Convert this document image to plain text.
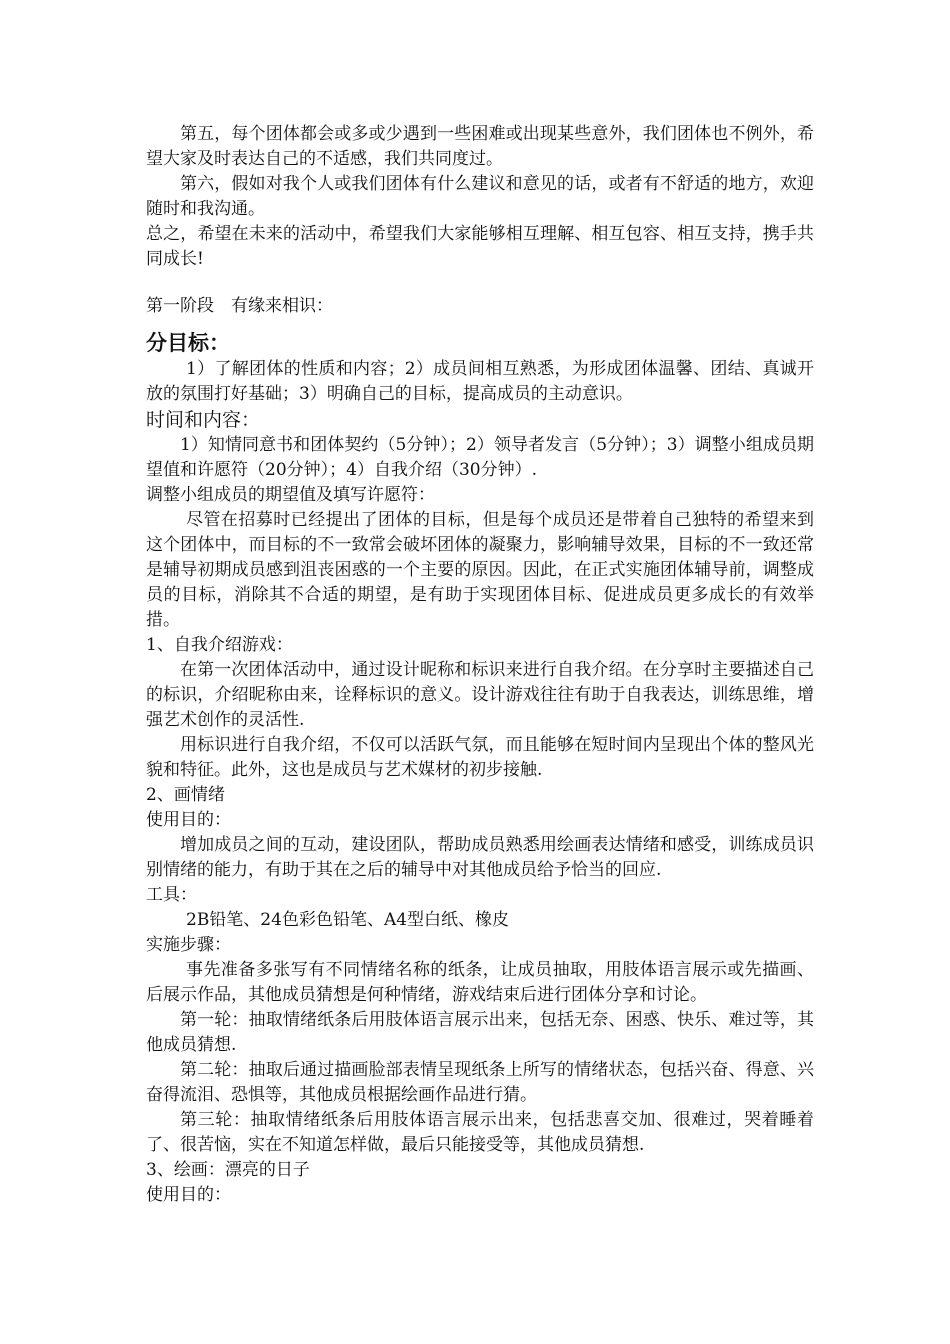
第五，每个团体都会或多或少遇到一些困难或出现某些意外，我们团体也不例外，希望大家及时表达自己的不适感，我们共同度过。

第六，假如对我个人或我们团体有什么建议和意见的话，或者有不舒适的地方，欢迎随时和我沟通。

总之，希望在未来的活动中，希望我们大家能够相互理解、相互包容、相互支持，携手共同成长!

第一阶段　有缘来相识：

分目标：

1）了解团体的性质和内容；2）成员间相互熟悉，为形成团体温馨、团结、真诚开放的氛围打好基础；3）明确自己的目标，提高成员的主动意识。

时间和内容：

1）知情同意书和团体契约（5分钟）；2）领导者发言（5分钟）；3）调整小组成员期望值和许愿符（20分钟）；4）自我介绍（30分钟）.

调整小组成员的期望值及填写许愿符：

尽管在招募时已经提出了团体的目标，但是每个成员还是带着自己独特的希望来到这个团体中，而目标的不一致常会破坏团体的凝聚力，影响辅导效果，目标的不一致还常是辅导初期成员感到沮丧困惑的一个主要的原因。因此，在正式实施团体辅导前，调整成员的目标，消除其不合适的期望，是有助于实现团体目标、促进成员更多成长的有效举措。

1、自我介绍游戏：

在第一次团体活动中，通过设计昵称和标识来进行自我介绍。在分享时主要描述自己的标识，介绍昵称由来，诠释标识的意义。设计游戏往往有助于自我表达，训练思维，增强艺术创作的灵活性.

用标识进行自我介绍，不仅可以活跃气氛，而且能够在短时间内呈现出个体的整风光貌和特征。此外，这也是成员与艺术媒材的初步接触.

2、画情绪

使用目的：

增加成员之间的互动，建设团队，帮助成员熟悉用绘画表达情绪和感受，训练成员识别情绪的能力，有助于其在之后的辅导中对其他成员给予恰当的回应.

工具：

2B铅笔、24色彩色铅笔、A4型白纸、橡皮

实施步骤：

事先准备多张写有不同情绪名称的纸条，让成员抽取，用肢体语言展示或先描画、后展示作品，其他成员猜想是何种情绪，游戏结束后进行团体分享和讨论。

第一轮：抽取情绪纸条后用肢体语言展示出来，包括无奈、困惑、快乐、难过等，其他成员猜想.

第二轮：抽取后通过描画脸部表情呈现纸条上所写的情绪状态，包括兴奋、得意、兴奋得流泪、恐惧等，其他成员根据绘画作品进行猜。

第三轮：抽取情绪纸条后用肢体语言展示出来，包括悲喜交加、很难过，哭着睡着了、很苦恼，实在不知道怎样做，最后只能接受等，其他成员猜想.

3、绘画：漂亮的日子

使用目的：
